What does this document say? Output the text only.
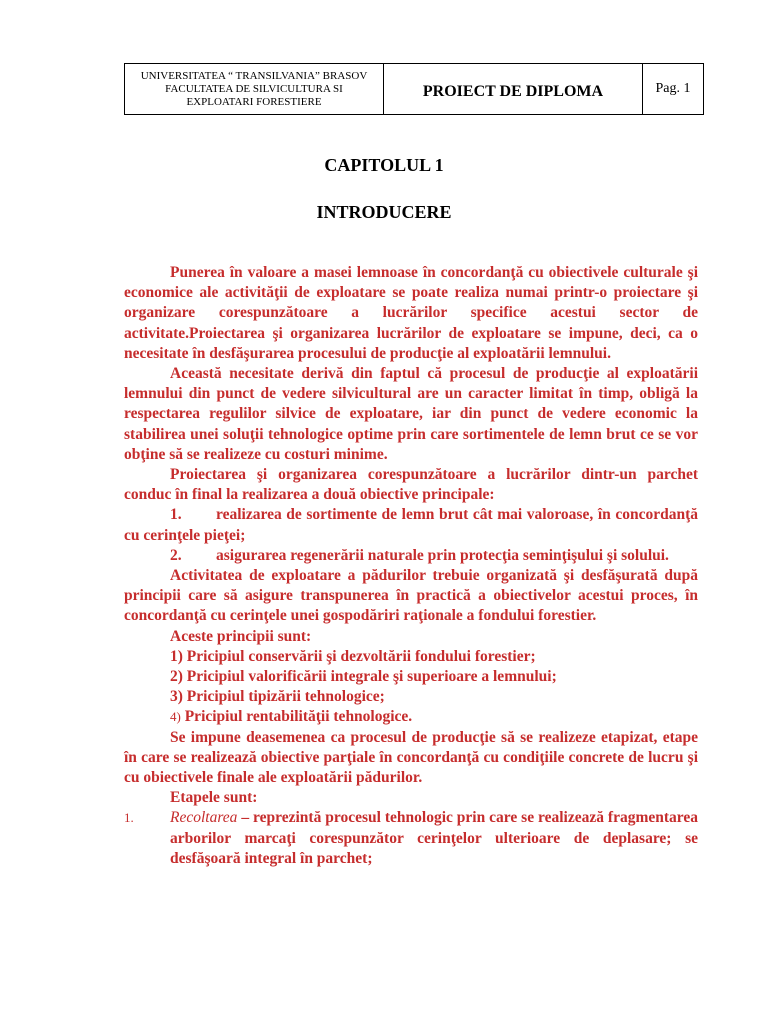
UNIVERSITATEA “ TRANSILVANIA” BRASOV
FACULTATEA DE SILVICULTURA SI
EXPLOATARI FORESTIERE
PROIECT DE DIPLOMA	Pag. 1
CAPITOLUL 1
INTRODUCERE

Punerea în valoare a masei lemnoase în concordanţă cu obiectivele culturale şi economice ale activităţii de exploatare se poate realiza numai printr-o proiectare şi organizare corespunzătoare a lucrărilor specifice acestui sector de activitate.Proiectarea şi organizarea lucrărilor de exploatare se impune, deci, ca o necesitate în desfăşurarea procesului de producţie al exploatării lemnului.

Această necesitate derivă din faptul că procesul de producţie al exploatării lemnului din punct de vedere silvicultural are un caracter limitat în timp, obligă la respectarea regulilor silvice de exploatare, iar din punct de vedere economic la stabilirea unei soluţii tehnologice optime prin care sortimentele de lemn brut ce se vor obţine să se realizeze cu costuri minime.

Proiectarea şi organizarea corespunzătoare a lucrărilor dintr-un parchet conduc în final la realizarea a două obiective principale:

1. realizarea de sortimente de lemn brut cât mai valoroase, în concordanţă cu cerinţele pieţei;

2. asigurarea regenerării naturale prin protecţia seminţişului şi solului.

Activitatea de exploatare a pădurilor trebuie organizată şi desfăşurată după principii care să asigure transpunerea în practică a obiectivelor acestui proces, în concordanţă cu cerinţele unei gospodăriri raţionale a fondului forestier.

Aceste principii sunt:

1) Pricipiul conservării şi dezvoltării fondului forestier;
2) Pricipiul valorificării integrale şi superioare a lemnului;
3) Pricipiul tipizării tehnologice;
4) Pricipiul rentabilităţii tehnologice.

Se impune deasemenea ca procesul de producţie să se realizeze etapizat, etape în care se realizează obiective parţiale în concordanţă cu condiţiile concrete de lucru şi cu obiectivele finale ale exploatării pădurilor.

Etapele sunt:

1. Recoltarea – reprezintă procesul tehnologic prin care se realizează fragmentarea arborilor marcaţi corespunzător cerinţelor ulterioare de deplasare; se desfăşoară integral în parchet;
